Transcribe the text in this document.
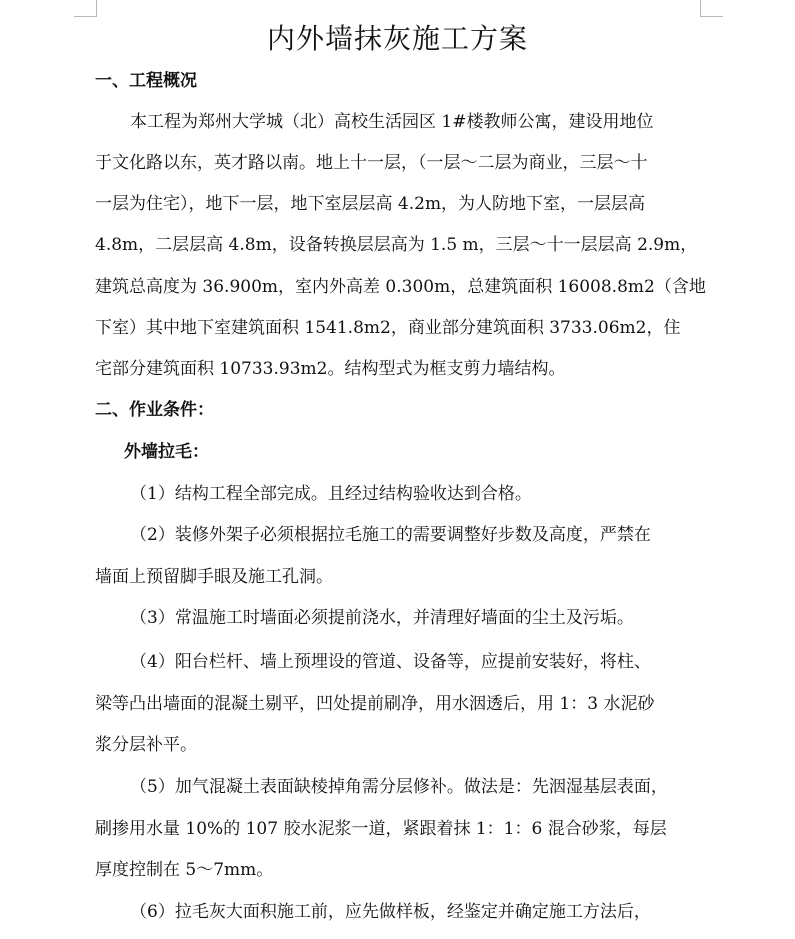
内外墙抹灰施工方案
一、工程概况
本工程为郑州大学城（北）高校生活园区 1#楼教师公寓，建设用地位
于文化路以东，英才路以南。地上十一层，（一层～二层为商业，三层～十
一层为住宅），地下一层，地下室层层高 4.2m，为人防地下室，一层层高
4.8m，二层层高 4.8m，设备转换层层高为 1.5 m，三层～十一层层高 2.9m，
建筑总高度为 36.900m，室内外高差 0.300m，总建筑面积 16008.8m2（含地
下室）其中地下室建筑面积 1541.8m2，商业部分建筑面积 3733.06m2，住
宅部分建筑面积 10733.93m2。结构型式为框支剪力墙结构。
二、作业条件：
外墙拉毛：
（1）结构工程全部完成。且经过结构验收达到合格。
（2）装修外架子必须根据拉毛施工的需要调整好步数及高度，严禁在
墙面上预留脚手眼及施工孔洞。
（3）常温施工时墙面必须提前浇水，并清理好墙面的尘土及污垢。
（4）阳台栏杆、墙上预埋设的管道、设备等，应提前安装好，将柱、
梁等凸出墙面的混凝土剔平，凹处提前刷净，用水洇透后，用 1：3 水泥砂
浆分层补平。
（5）加气混凝土表面缺棱掉角需分层修补。做法是：先洇湿基层表面，
刷掺用水量 10%的 107 胶水泥浆一道，紧跟着抹 1：1：6 混合砂浆，每层
厚度控制在 5～7mm。
（6）拉毛灰大面积施工前，应先做样板，经鉴定并确定施工方法后，
